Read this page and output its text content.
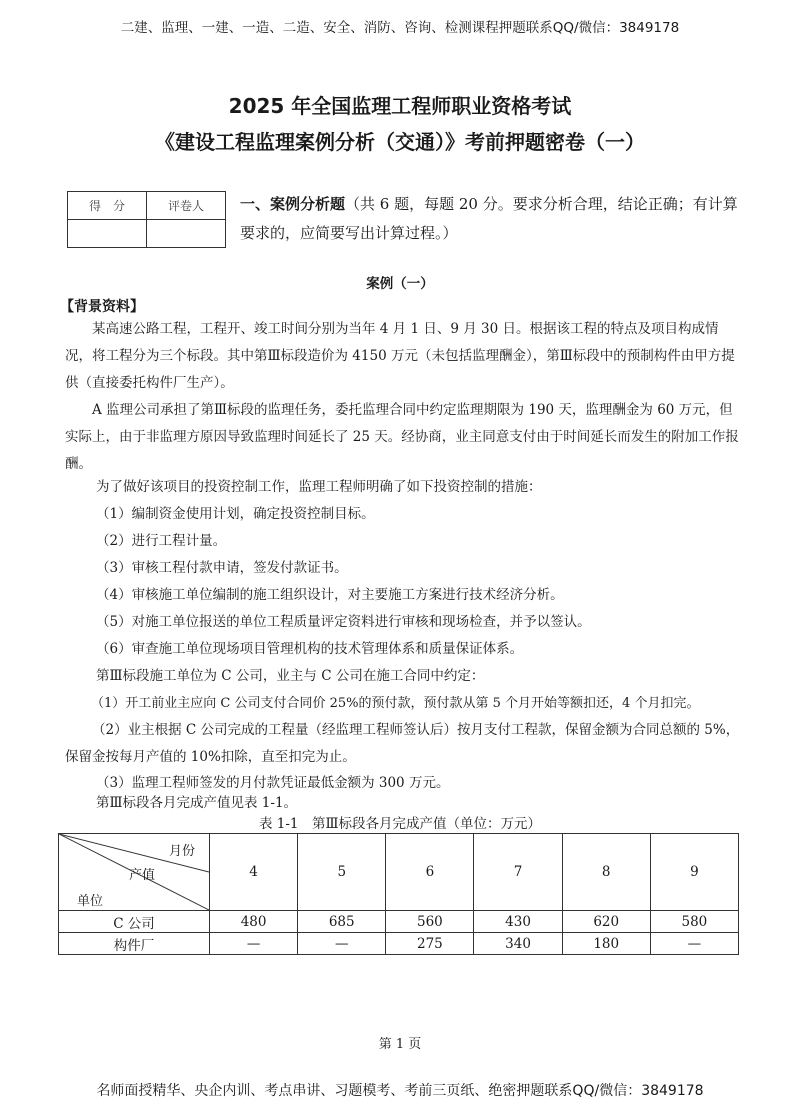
二建、监理、一建、一造、二造、安全、消防、咨询、检测课程押题联系QQ/微信：3849178
2025 年全国监理工程师职业资格考试
《建设工程监理案例分析（交通）》考前押题密卷（一）
得　分	评卷人
	一、案例分析题（共 6 题，每题 20 分。要求分析合理，结论正确；有计算要求的，应简要写出计算过程。）
案例（一）
【背景资料】
某高速公路工程，工程开、竣工时间分别为当年 4 月 1 日、9 月 30 日。根据该工程的特点及项目构成情况，将工程分为三个标段。其中第Ⅲ标段造价为 4150 万元（未包括监理酬金），第Ⅲ标段中的预制构件由甲方提供（直接委托构件厂生产）。
A 监理公司承担了第Ⅲ标段的监理任务，委托监理合同中约定监理期限为 190 天，监理酬金为 60 万元，但实际上，由于非监理方原因导致监理时间延长了 25 天。经协商，业主同意支付由于时间延长而发生的附加工作报酬。
为了做好该项目的投资控制工作，监理工程师明确了如下投资控制的措施：
（1）编制资金使用计划，确定投资控制目标。
（2）进行工程计量。
（3）审核工程付款申请，签发付款证书。
（4）审核施工单位编制的施工组织设计，对主要施工方案进行技术经济分析。
（5）对施工单位报送的单位工程质量评定资料进行审核和现场检查，并予以签认。
（6）审查施工单位现场项目管理机构的技术管理体系和质量保证体系。
第Ⅲ标段施工单位为 C 公司，业主与 C 公司在施工合同中约定：
（1）开工前业主应向 C 公司支付合同价 25%的预付款，预付款从第 5 个月开始等额扣还，4 个月扣完。
（2）业主根据 C 公司完成的工程量（经监理工程师签认后）按月支付工程款，保留金额为合同总额的 5%，保留金按每月产值的 10%扣除，直至扣完为止。
（3）监理工程师签发的月付款凭证最低金额为 300 万元。
第Ⅲ标段各月完成产值见表 1-1。
表 1-1　第Ⅲ标段各月完成产值（单位：万元）
月份
产值
单位	4	5	6	7	8	9
C 公司	480	685	560	430	620	580
构件厂	—	—	275	340	180	—
第 1 页
名师面授精华、央企内训、考点串讲、习题模考、考前三页纸、绝密押题联系QQ/微信：3849178
